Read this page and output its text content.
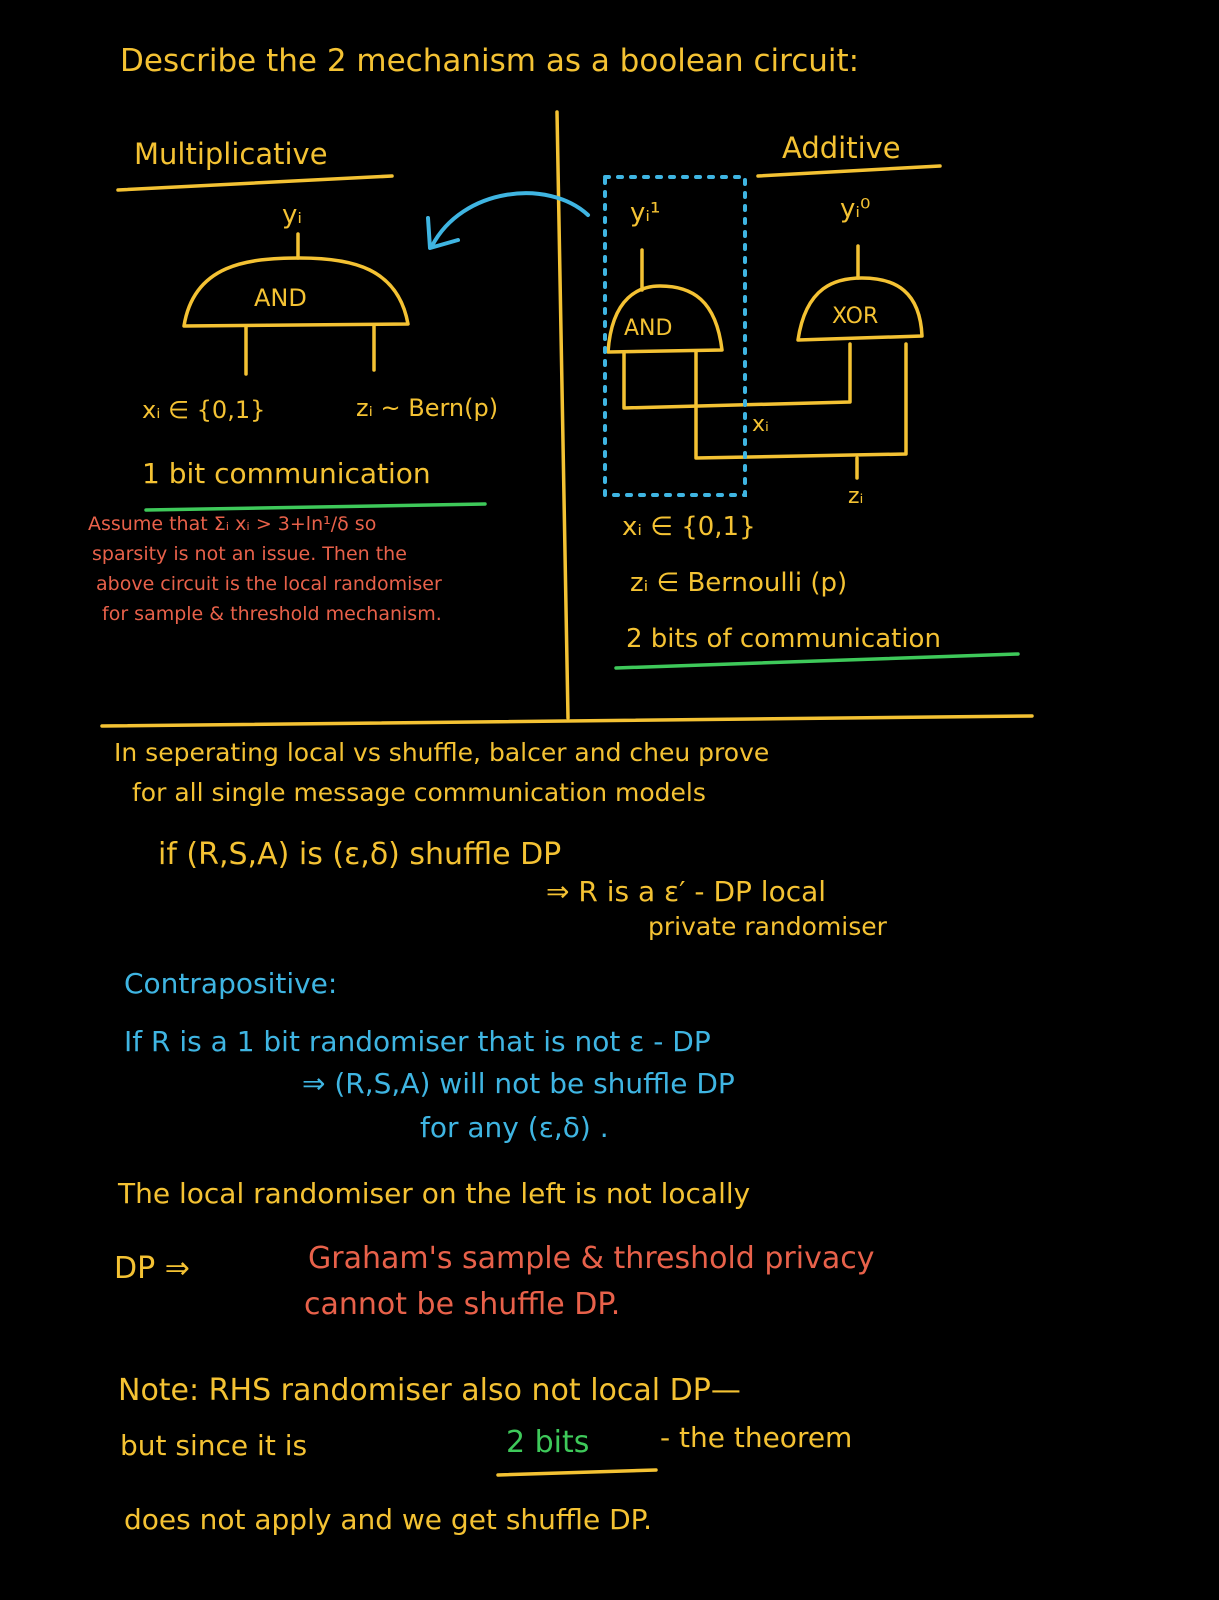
Describe the 2 mechanism as a boolean circuit:
Multiplicative
yᵢ
AND
xᵢ ∈ {0,1}	zᵢ ~ Bern(p)
1 bit communication
Assume that Σᵢ xᵢ > 3+ln¹/δ so
sparsity is not an issue. Then the
above circuit is the local randomiser
for sample & threshold mechanism.
Additive
yᵢ¹	yᵢ⁰
AND	XOR
xᵢ
zᵢ
xᵢ ∈ {0,1}
zᵢ ∈ Bernoulli (p)
2 bits of communication
In seperating local vs shuffle, balcer and cheu prove
for all single message communication models
if (R,S,A) is (ε,δ) shuffle DP
⇒ R is a ε′ - DP local
private randomiser
Contrapositive:
If R is a 1 bit randomiser that is not ε - DP
⇒ (R,S,A) will not be shuffle DP
for any (ε,δ) .
The local randomiser on the left is not locally
DP ⇒	Graham's sample & threshold privacy
cannot be shuffle DP.
Note: RHS randomiser also not local DP—
but since it is	2 bits	- the theorem
does not apply and we get shuffle DP.
